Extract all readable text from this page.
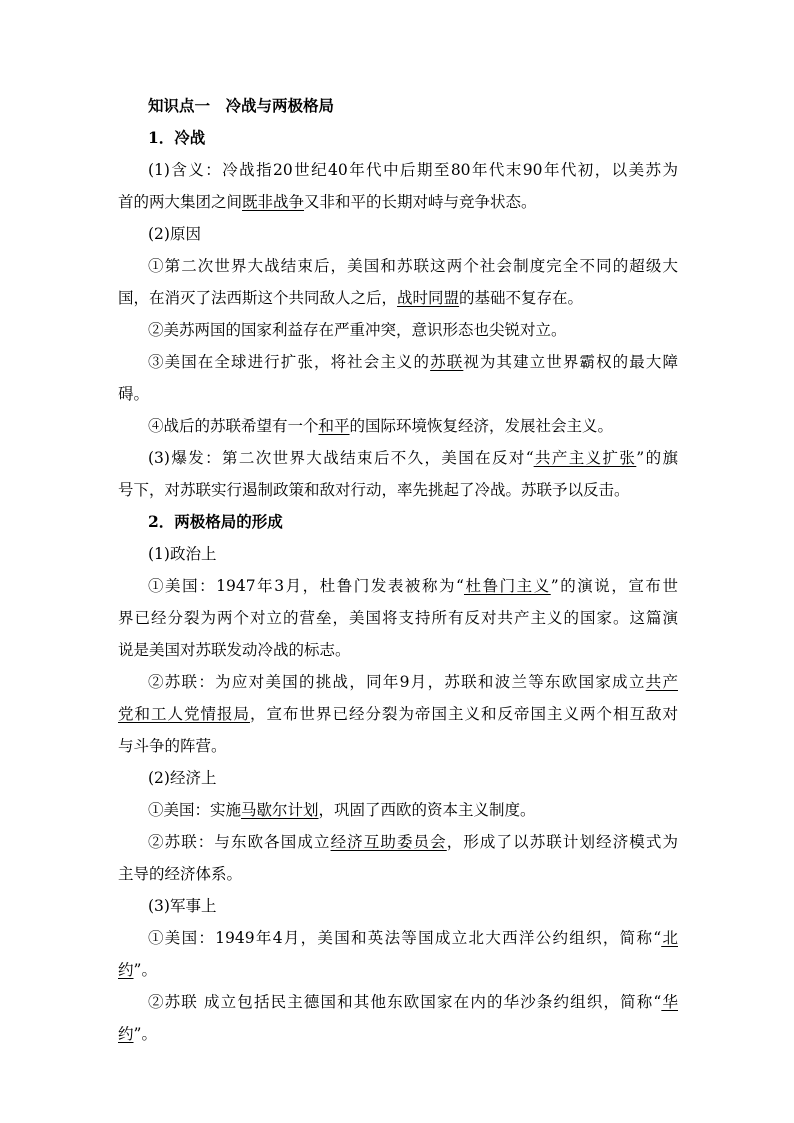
知识点一　冷战与两极格局
1．冷战
(1)含义：冷战指20世纪40年代中后期至80年代末90年代初，以美苏为
首的两大集团之间既非战争又非和平的长期对峙与竞争状态。
(2)原因
①第二次世界大战结束后，美国和苏联这两个社会制度完全不同的超级大
国，在消灭了法西斯这个共同敌人之后，战时同盟的基础不复存在。
②美苏两国的国家利益存在严重冲突，意识形态也尖锐对立。
③美国在全球进行扩张，将社会主义的苏联视为其建立世界霸权的最大障
碍。
④战后的苏联希望有一个和平的国际环境恢复经济，发展社会主义。
(3)爆发：第二次世界大战结束后不久，美国在反对“共产主义扩张”的旗
号下，对苏联实行遏制政策和敌对行动，率先挑起了冷战。苏联予以反击。
2．两极格局的形成
(1)政治上
①美国：1947年3月，杜鲁门发表被称为“杜鲁门主义”的演说，宣布世
界已经分裂为两个对立的营垒，美国将支持所有反对共产主义的国家。这篇演
说是美国对苏联发动冷战的标志。
②苏联：为应对美国的挑战，同年9月，苏联和波兰等东欧国家成立共产
党和工人党情报局，宣布世界已经分裂为帝国主义和反帝国主义两个相互敌对
与斗争的阵营。
(2)经济上
①美国：实施马歇尔计划，巩固了西欧的资本主义制度。
②苏联：与东欧各国成立经济互助委员会，形成了以苏联计划经济模式为
主导的经济体系。
(3)军事上
①美国：1949年4月，美国和英法等国成立北大西洋公约组织，简称“北
约”。
②苏联 成立包括民主德国和其他东欧国家在内的华沙条约组织，简称“华
约”。
